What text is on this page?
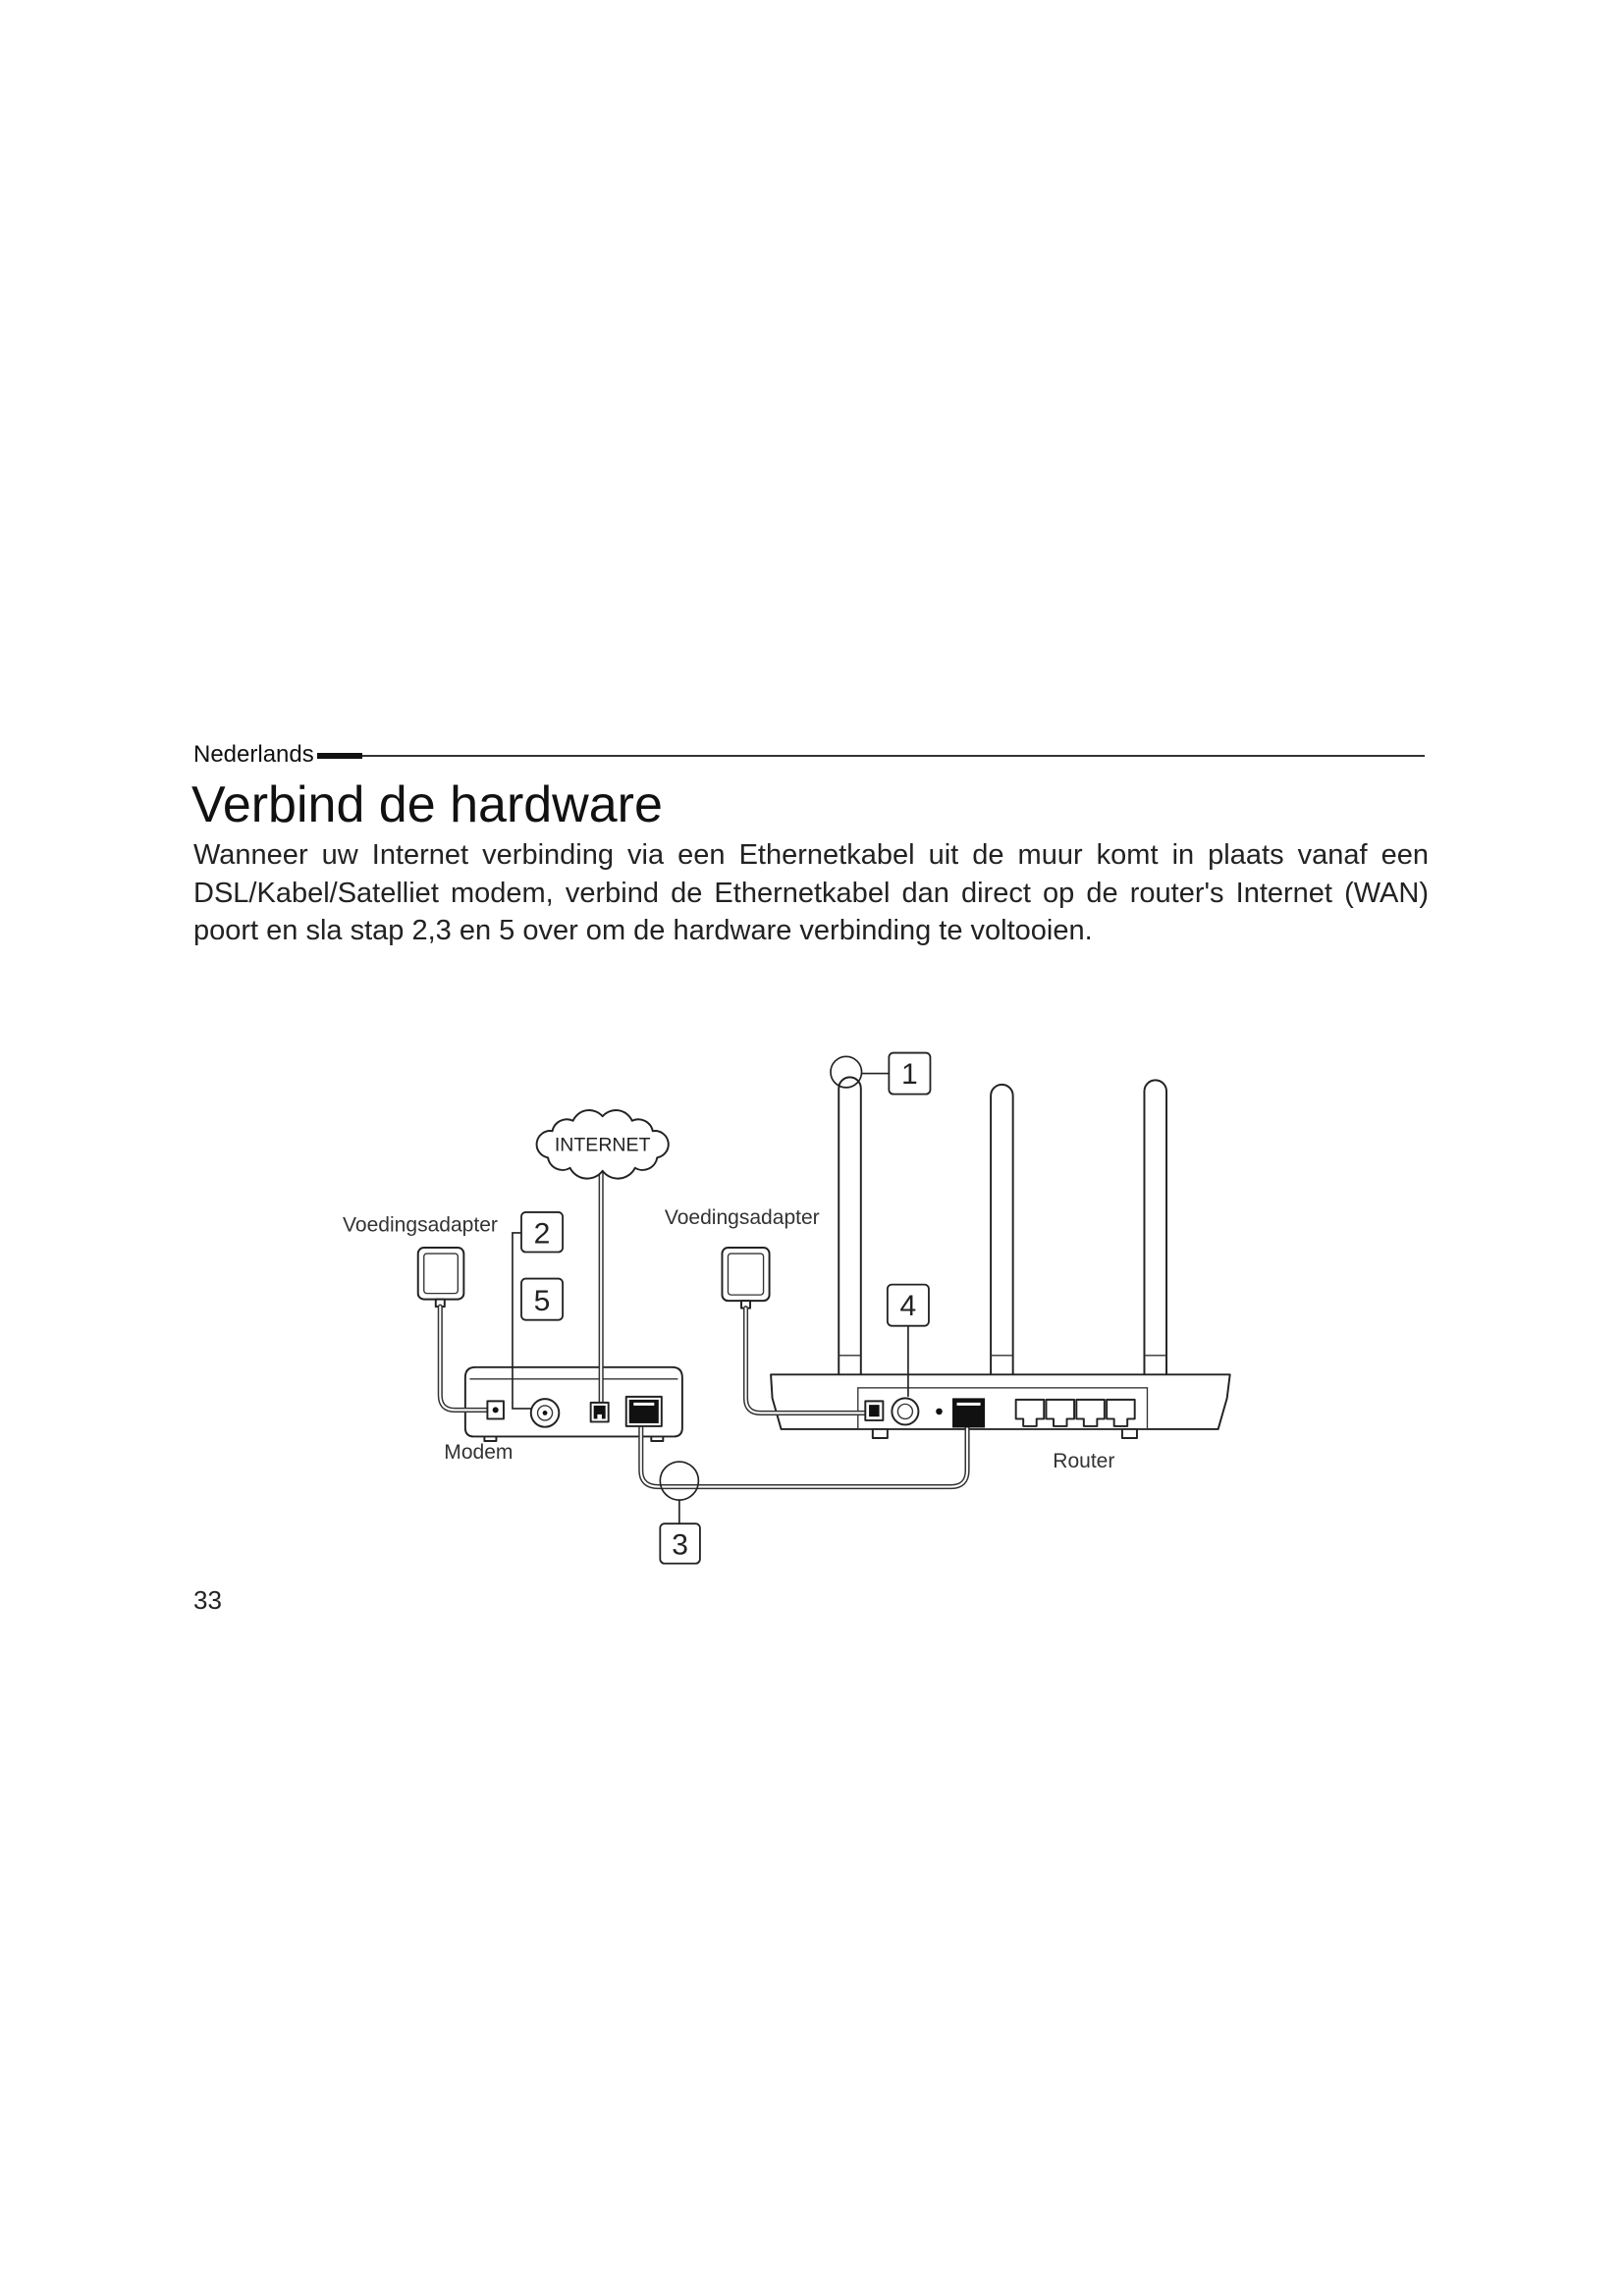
Nederlands
Verbind de hardware
Wanneer uw Internet verbinding via een Ethernetkabel uit de muur komt in plaats vanaf een
DSL/Kabel/Satelliet modem, verbind de Ethernetkabel dan direct op de router's Internet (WAN)
poort en sla stap 2,3 en 5 over om de hardware verbinding te voltooien.
INTERNET
1
2
5	4
3
Voedingsadapter	Voedingsadapter
Modem	Router
33
